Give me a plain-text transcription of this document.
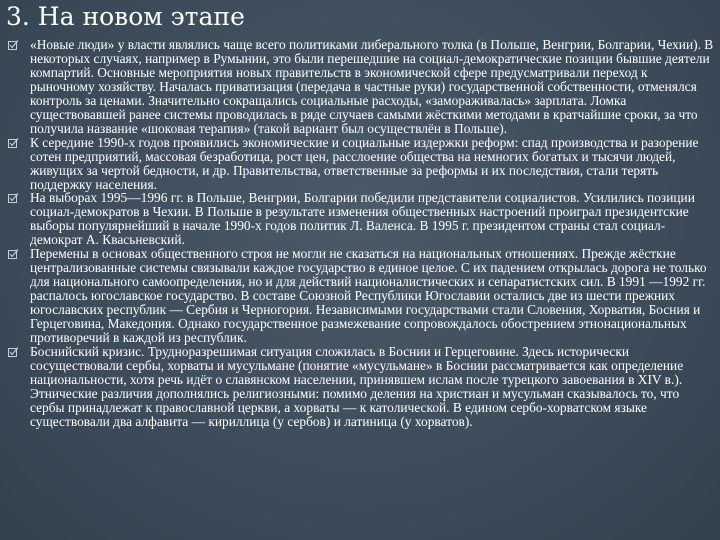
3. На новом этапе
«Новые люди» у власти являлись чаще всего политиками либерального толка (в Польше, Венгрии, Болгарии, Чехии). В некоторых случаях, например в Румынии, это были перешедшие на социал-демократические позиции бывшие деятели компартий. Основные мероприятия новых правительств в экономической сфере предусматривали переход к рыночному хозяйству. Началась приватизация (передача в частные руки) государственной собственности, отменялся контроль за ценами. Значительно сокращались социальные расходы, «замораживалась» зарплата. Ломка существовавшей ранее системы проводилась в ряде случаев самыми жёсткими методами в кратчайшие сроки, за что получила название «шоковая терапия» (такой вариант был осуществлён в Польше).
К середине 1990-х годов проявились экономические и социальные издержки реформ: спад производства и разорение сотен предприятий, массовая безработица, рост цен, расслоение общества на немногих богатых и тысячи людей, живущих за чертой бедности, и др. Правительства, ответственные за реформы и их последствия, стали терять поддержку населения.
На выборах 1995—1996 гг. в Польше, Венгрии, Болгарии победили представители социалистов. Усилились позиции социал-демократов в Чехии. В Польше в результате изменения общественных настроений проиграл президентские выборы популярнейший в начале 1990-х годов политик Л. Валенса. В 1995 г. президентом страны стал социал-демократ А. Квасьневский.
Перемены в основах общественного строя не могли не сказаться на национальных отношениях. Прежде жёсткие централизованные системы связывали каждое государство в единое целое. С их падением открылась дорога не только для национального самоопределения, но и для действий националистических и сепаратистских сил. В 1991 —1992 гг. распалось югославское государство. В составе Союзной Республики Югославии остались две из шести прежних югославских республик — Сербия и Черногория. Независимыми государствами стали Словения, Хорватия, Босния и Герцеговина, Македония. Однако государственное размежевание сопровождалось обострением этнонациональных противоречий в каждой из республик.
Боснийский кризис. Трудноразрешимая ситуация сложилась в Боснии и Герцеговине. Здесь исторически сосуществовали сербы, хорваты и мусульмане (понятие «мусульмане» в Боснии рассматривается как определение национальности, хотя речь идёт о славянском населении, принявшем ислам после турецкого завоевания в XIV в.). Этнические различия дополнялись религиозными: помимо деления на христиан и мусульман сказывалось то, что сербы принадлежат к православной церкви, а хорваты — к католической. В едином сербо-хорватском языке существовали два алфавита — кириллица (у сербов) и латиница (у хорватов).
